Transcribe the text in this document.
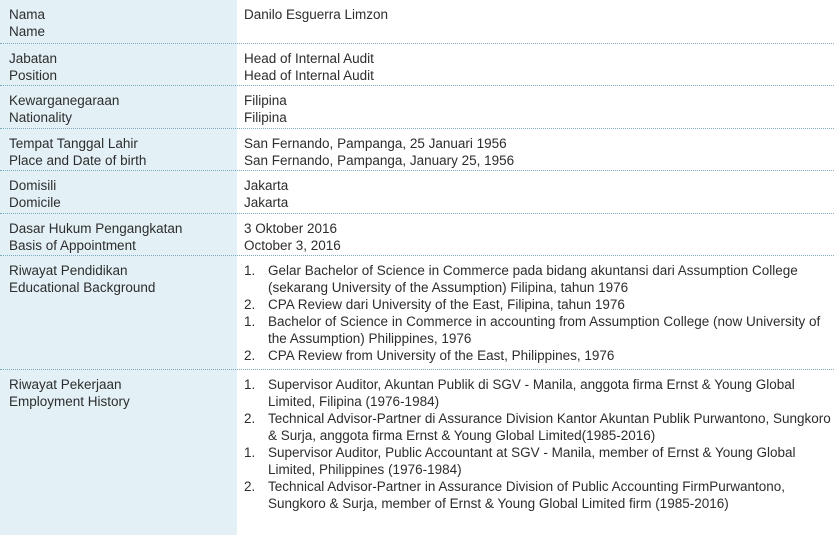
Nama
Name
Danilo Esguerra Limzon
Jabatan
Position
Head of Internal Audit
Head of Internal Audit
Kewarganegaraan
Nationality
Filipina
Filipina
Tempat Tanggal Lahir
Place and Date of birth
San Fernando, Pampanga, 25 Januari 1956
San Fernando, Pampanga, January 25, 1956
Domisili
Domicile
Jakarta
Jakarta
Dasar Hukum Pengangkatan
Basis of Appointment
3 Oktober 2016
October 3, 2016
Riwayat Pendidikan
Educational Background
1. Gelar Bachelor of Science in Commerce pada bidang akuntansi dari Assumption College (sekarang University of the Assumption) Filipina, tahun 1976
2. CPA Review dari University of the East, Filipina, tahun 1976
1. Bachelor of Science in Commerce in accounting from Assumption College (now University of the Assumption) Philippines, 1976
2. CPA Review from University of the East, Philippines, 1976
Riwayat Pekerjaan
Employment History
1. Supervisor Auditor, Akuntan Publik di SGV - Manila, anggota firma Ernst & Young Global Limited, Filipina (1976-1984)
2. Technical Advisor-Partner di Assurance Division Kantor Akuntan Publik Purwantono, Sungkoro & Surja, anggota firma Ernst & Young Global Limited(1985-2016)
1. Supervisor Auditor, Public Accountant at SGV - Manila, member of Ernst & Young Global Limited, Philippines (1976-1984)
2. Technical Advisor-Partner in Assurance Division of Public Accounting FirmPurwantono, Sungkoro & Surja, member of Ernst & Young Global Limited firm (1985-2016)
